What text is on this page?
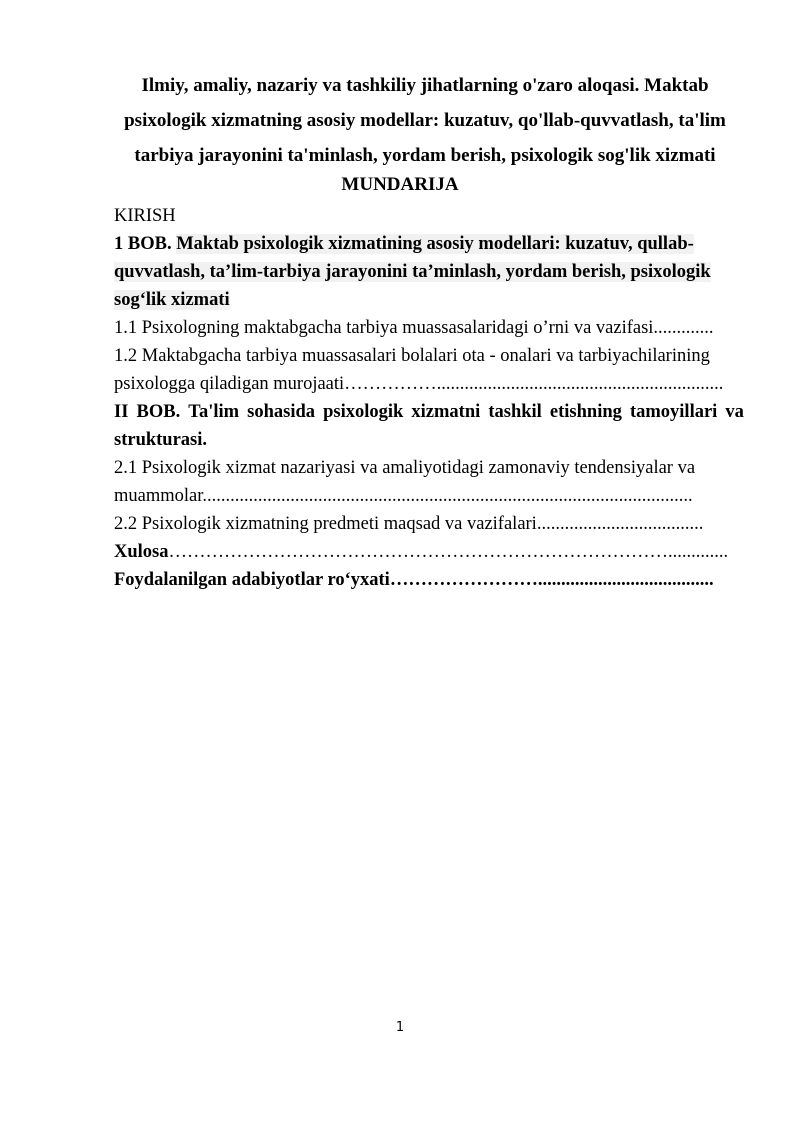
Ilmiy, amaliy, nazariy va tashkiliy jihatlarning o'zaro aloqasi. Maktab
psixologik xizmatning asosiy modellar: kuzatuv, qo'llab-quvvatlash, ta'lim
tarbiya jarayonini ta'minlash, yordam berish, psixologik sog'lik xizmati
MUNDARIJA
KIRISH
1 BOB. Maktab psixologik xizmatining asosiy modellari: kuzatuv, qullab-
quvvatlash, ta’lim-tarbiya jarayonini ta’minlash, yordam berish, psixologik
sog‘lik xizmati
1.1 Psixologning maktabgacha tarbiya muassasalaridagi o’rni va vazifasi.............
1.2 Maktabgacha tarbiya muassasalari bolalari ota - onalari va tarbiyachilarining
psixologga qiladigan murojaati……………..............................................................
II BOB. Ta'lim sohasida psixologik xizmatni tashkil etishning tamoyillari va
strukturasi.
2.1 Psixologik xizmat nazariyasi va amaliyotidagi zamonaviy tendensiyalar va
muammolar..........................................................................................................
2.2 Psixologik xizmatning predmeti maqsad va vazifalari....................................
Xulosa……………………………………………………………………….............
Foydalanilgan adabiyotlar ro‘yxati……………………......................................
1
